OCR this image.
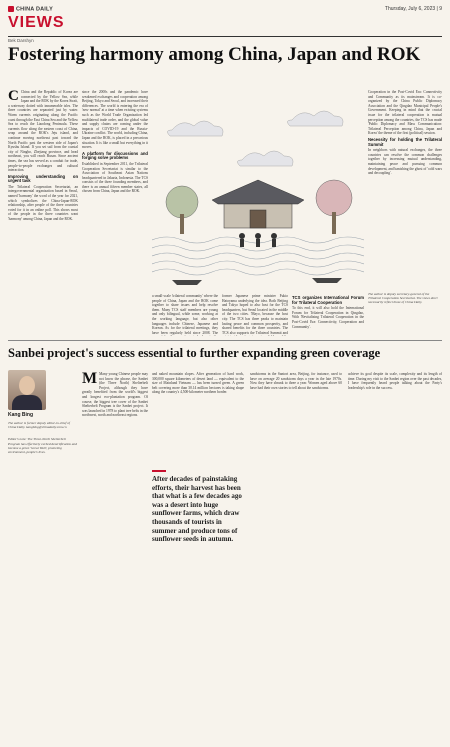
CHINA DAILY	Thursday, July 6, 2023 | 9
VIEWS
Bek Darshyn
Fostering harmony among China, Japan and ROK
C China and the Republic of Korea are connected by the Yellow Sea, while Japan and the ROK by the Korea Strait, a waterway dotted with innumerable isles. The three countries are separated just by water. Warm currents originating along the Pacific coast through the East China Sea and the Yellow Sea to reach the Liaodong Peninsula. These currents flow along the eastern coast of China, wrap around the ROK's Jeju island, and continue moving northeast past toward the North Pacific past the western side of Japan's Kyushu Island. If you set sail from the coastal city of Ningbo, Zhejiang province, and head northeast, you will reach Busan. Since ancient times, the sea has served as a conduit for trade, people-to-people exchanges and cultural interaction.

Improving understanding on urgent task

The Trilateral Cooperation Secretariat, an intergovernmental organization based in Seoul, named 'harmony' the word of the year for 2021, which symbolizes the China-Japan-ROK relationship, after people of the three countries voted for it in an online poll. This shows most of the people in the three countries want 'harmony' among China, Japan and the ROK.

since the 2000s and the pandemic have weakened exchanges and cooperation among Beijing, Tokyo and Seoul, and increased their differences. The world is entering the era of 'new normal' at a time when existing systems such as the World Trade Organization led multilateral trade order, and the global value and supply chains are coming under the impacts of COVID-19 and the Russia-Ukraine conflict. The world, including China, Japan and the ROK, is placed in a precarious situation. It is like a small but everything in it moves.

A platform for discussions and forging solve problems

Established in September 2011, the Trilateral Cooperation Secretariat is similar to the Association of Southeast Asian Nations headquartered in Jakarta, Indonesia. The TCS consists of the three founding members, and there is an annual fifteen member states, all chosen from China, Japan and the ROK.

a small-scale 'trilateral community' where the people of China, Japan and the ROK come together to share issues and help resolve them. Many TCS staff members are young and only bilingual, while some, working at the working language, but also other languages include Chinese, Japanese and Korean. As for the trilateral meetings, they have been regularly held since 2008. The

former Japanese prime minister Fukio Hatoyama underlying the idea. Both Beijing and Tokyo hoped to also host for the TCS headquarters, but Seoul located in the middle of the two cities. 'Mayo, because the host city. The TCS has three peaks to maintain lasting peace and common prosperity, and shared benefits for the three countries. The TCS also supports the Trilateral Summit and

TCS organizes International Forum for Trilateral Cooperation

To this end, it will also hold the International Forum for Trilateral Cooperation in Qingdao, With 'Revitalizing Trilateral Cooperation in the Post-Covid Era: Connectivity, Cooperation and Community'.

Cooperation in the Post-Covid Era: Connectivity and Community as its mainstream. It is co-organized by the China Public Diplomacy Association and the Qingdao Municipal People's Government. Keeping in mind that the crucial issue for the trilateral cooperation is mutual perception among the countries, the TCS has made 'Public Diplomacy and Mass Communication: Trilateral Perception among China, Japan and Korea' the theme of the first (political) session.

Necessity for holding the Trilateral Summit

In neighbors with natural exchanges, the three countries can resolve the common challenges together by increasing mutual understanding, maintaining peace and pursuing common development, and banishing the ghost of 'cold wars and decoupling'.

The author is deputy secretary-general of the Trilateral Cooperation Secretariat. The views don't necessarily reflect those of China Daily.
Sanbei project's success essential to further expanding green coverage
Kang Bing
The author is former deputy editor-in-chief of China Daily. kangbing@chinadaily.com.cn
Editor's note: The Three-North Shelterbelt Program has effectively curbed desertification and become a green 'Great Wall', protecting environment, people's lives.
M Many young Chinese people may not know the phrase, the Sanbei (the Three North) Shelterbelt Project, although they have greatly benefited from the world's biggest and longest eco-plantation program. Of course, the biggest tree cover of the Sanbei Shelterbelt Program is the Sanbei project. It was launched in 1978 to plant tree belts in the northwest, north and northeast regions.
After decades of painstaking efforts, their harvest has been that what is a few decades ago was a desert into huge sunflower farms, which draw thousands of tourists in summer and produce tons of sunflower seeds in autumn.
and naked mountain slopes. After generation of hard work, 300,000 square kilometers of desert land — equivalent to the size of Mainland Vietnam — has been turned green. A green belt covering more than 30.14 million hectares is taking shape along the country's 4,500-kilometer northern border.
sandstorms in the Santori area, Beijing, for instance, used to have on average 20 sandstorm days a year in the late 1970s. Now they have shrunk to three a year. Women aged above 60 have had their own stories to tell about the sandstorms.
achieve its goal despite its scale, complexity and its length of time. During my visit to the Sanbei region over the past decades, I have frequently heard people talking about the Party's leadership's role in the success.
